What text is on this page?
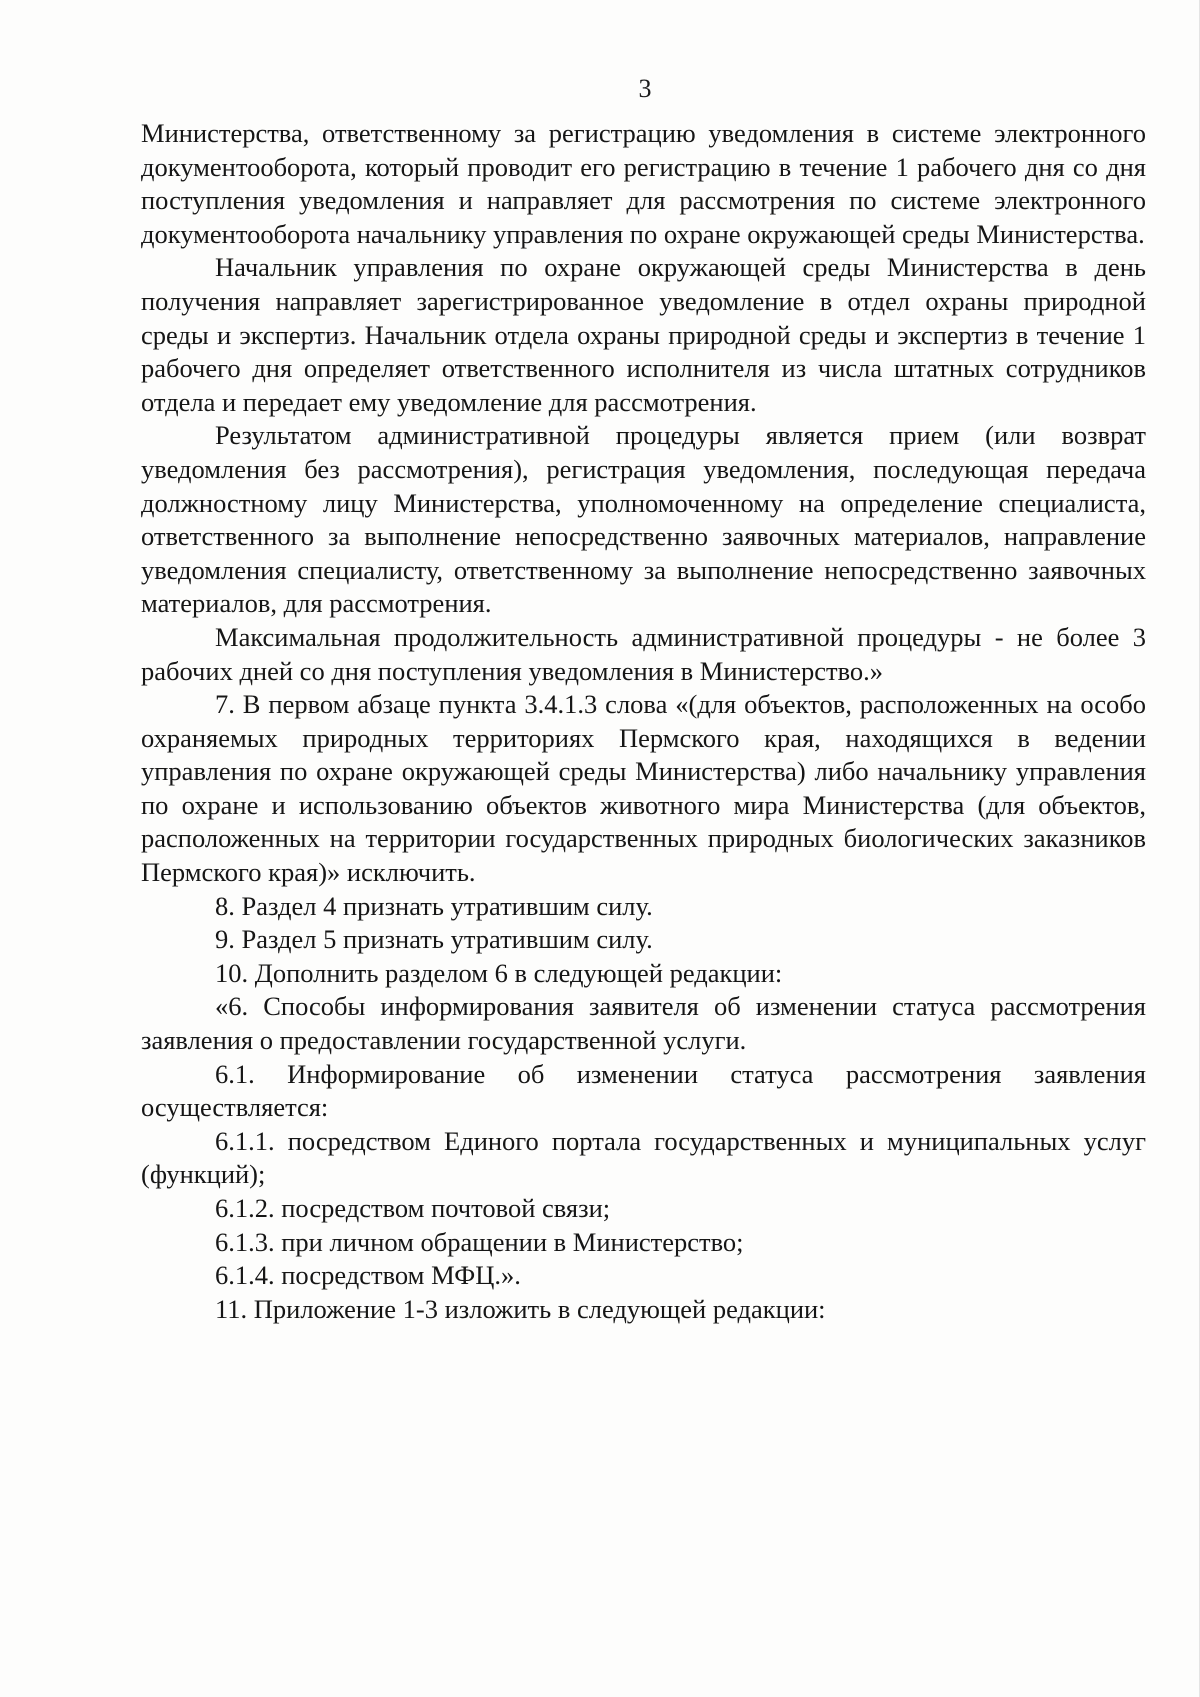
3

Министерства, ответственному за регистрацию уведомления в системе электронного документооборота, который проводит его регистрацию в течение 1 рабочего дня со дня поступления уведомления и направляет для рассмотрения по системе электронного документооборота начальнику управления по охране окружающей среды Министерства.

Начальник управления по охране окружающей среды Министерства в день получения направляет зарегистрированное уведомление в отдел охраны природной среды и экспертиз. Начальник отдела охраны природной среды и экспертиз в течение 1 рабочего дня определяет ответственного исполнителя из числа штатных сотрудников отдела и передает ему уведомление для рассмотрения.

Результатом административной процедуры является прием (или возврат уведомления без рассмотрения), регистрация уведомления, последующая передача должностному лицу Министерства, уполномоченному на определение специалиста, ответственного за выполнение непосредственно заявочных материалов, направление уведомления специалисту, ответственному за выполнение непосредственно заявочных материалов, для рассмотрения.

Максимальная продолжительность административной процедуры - не более 3 рабочих дней со дня поступления уведомления в Министерство.»

7. В первом абзаце пункта 3.4.1.3 слова «(для объектов, расположенных на особо охраняемых природных территориях Пермского края, находящихся в ведении управления по охране окружающей среды Министерства) либо начальнику управления по охране и использованию объектов животного мира Министерства (для объектов, расположенных на территории государственных природных биологических заказников Пермского края)» исключить.

8. Раздел 4 признать утратившим силу.

9. Раздел 5 признать утратившим силу.

10. Дополнить разделом 6 в следующей редакции:

«6. Способы информирования заявителя об изменении статуса рассмотрения заявления о предоставлении государственной услуги.

6.1. Информирование об изменении статуса рассмотрения заявления осуществляется:

6.1.1. посредством Единого портала государственных и муниципальных услуг (функций);

6.1.2. посредством почтовой связи;

6.1.3. при личном обращении в Министерство;

6.1.4. посредством МФЦ.».

11. Приложение 1-3 изложить в следующей редакции:
